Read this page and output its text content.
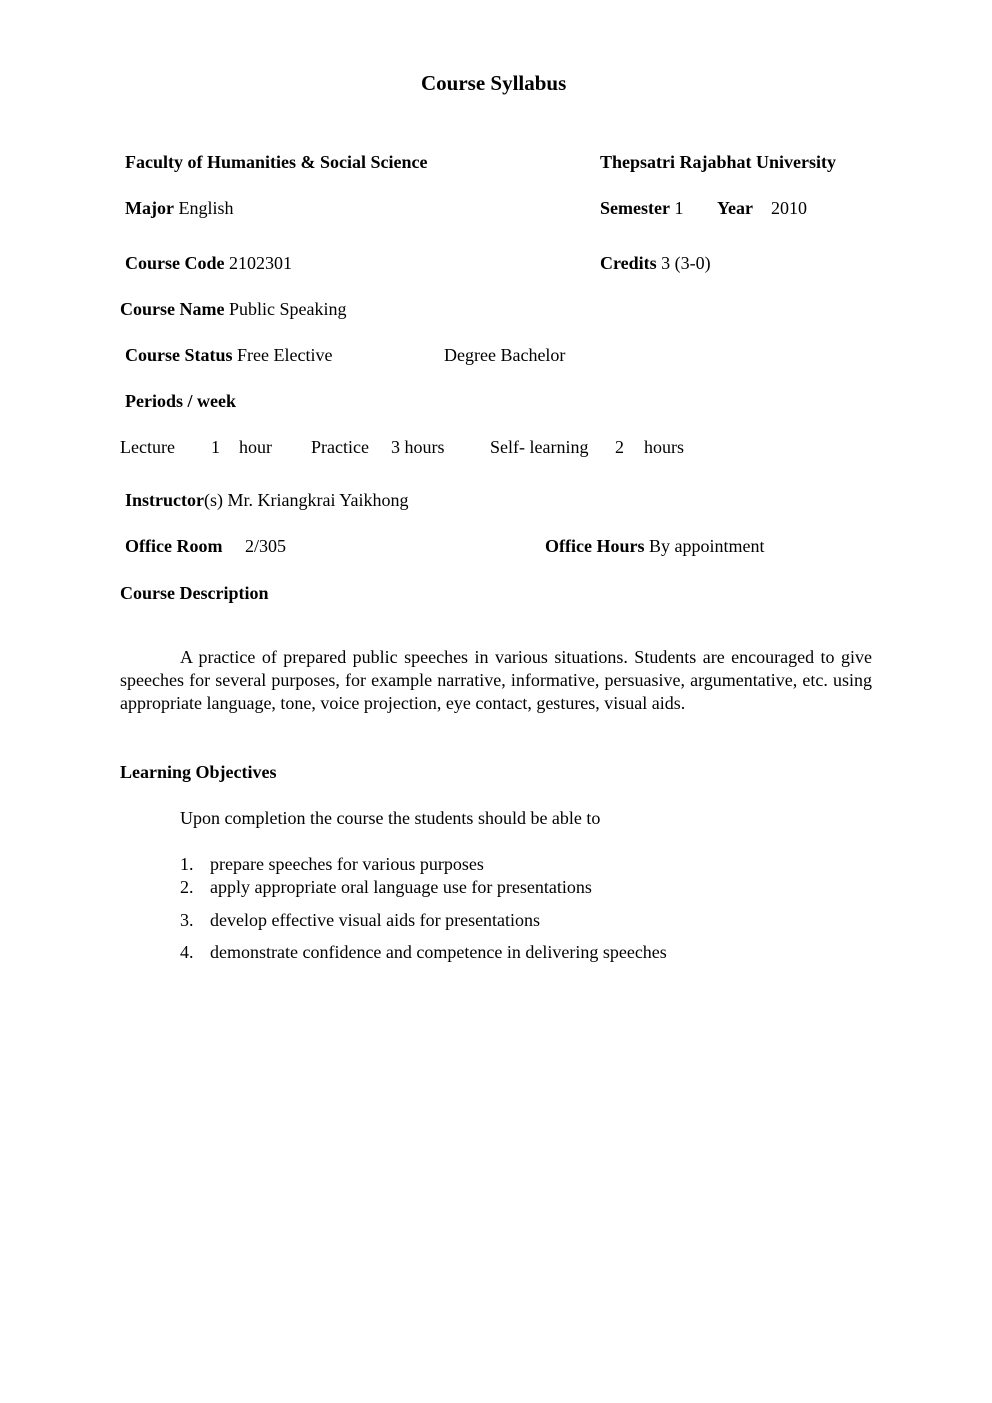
Course Syllabus
Faculty of Humanities & Social Science	Thepsatri Rajabhat University
Major English	Semester 1 Year 2010
Course Code 2102301	Credits 3 (3-0)
Course Name Public Speaking
Course Status Free Elective	Degree Bachelor
Periods / week
Lecture 1 hour Practice 3 hours	Self- learning 2 hours
Instructor(s) Mr. Kriangkrai Yaikhong
Office Room 2/305	Office Hours By appointment
Course Description
A practice of prepared public speeches in various situations. Students are encouraged to give speeches for several purposes, for example narrative, informative, persuasive, argumentative, etc. using appropriate language, tone, voice projection, eye contact, gestures, visual aids.
Learning Objectives
Upon completion the course the students should be able to
1. prepare speeches for various purposes
2. apply appropriate oral language use for presentations
3. develop effective visual aids for presentations
4. demonstrate confidence and competence in delivering speeches
